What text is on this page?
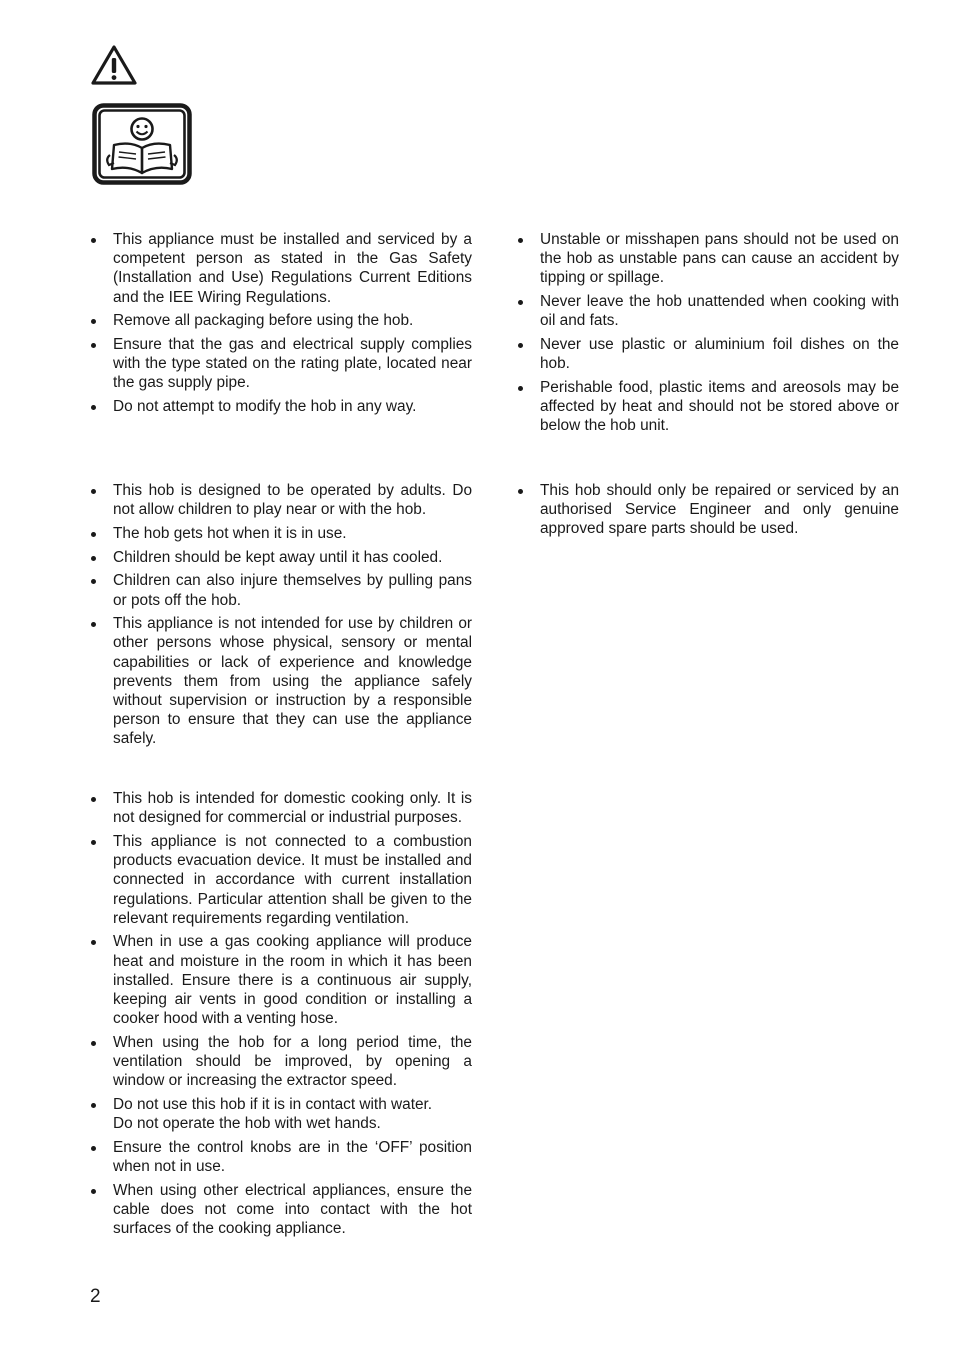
This appliance must be installed and serviced by a competent person as stated in the Gas Safety (Installation and Use) Regulations Current Editions and the IEE Wiring Regulations.
Remove all packaging before using the hob.
Ensure that the gas and electrical supply complies with the type stated on the rating plate, located near the gas supply pipe.
Do not attempt to modify the hob in any way.
Unstable or misshapen pans should not be used on the hob as unstable pans can cause an accident by tipping or spillage.
Never leave the hob unattended when cooking with oil and fats.
Never use plastic or aluminium foil dishes on the hob.
Perishable food, plastic items and areosols may be affected by heat and should not be stored above or below the hob unit.
This hob is designed to be operated by adults. Do not allow children to play near or with the hob.
The hob gets hot when it is in use.
Children should be kept away until it has cooled.
Children can also injure themselves by pulling pans or pots off the hob.
This appliance is not intended for use by children or other persons whose physical, sensory or mental capabilities or lack of experience and knowledge prevents them from using the appliance safely without supervision or instruction by a responsible person to ensure that they can use the appliance safely.
This hob should only be repaired or serviced by an authorised Service Engineer and only genuine approved spare parts should be used.
This hob is intended for domestic cooking only. It is not designed for commercial or industrial purposes.
This appliance is not connected to a combustion products evacuation device. It must be installed and connected in accordance with current installation regulations. Particular attention shall be given to the relevant requirements regarding ventilation.
When in use a gas cooking appliance will produce heat and moisture in the room in which it has been installed. Ensure there is a continuous air supply, keeping air vents in good condition or installing a cooker hood with a venting hose.
When using the hob for a long period time, the ventilation should be improved, by opening a window or increasing the extractor speed.
Do not use this hob if it is in contact with water.
Do not operate the hob with wet hands.
Ensure the control knobs are in the ‘OFF’ position when not in use.
When using other electrical appliances, ensure the cable does not come into contact with the hot surfaces of the cooking appliance.
2
